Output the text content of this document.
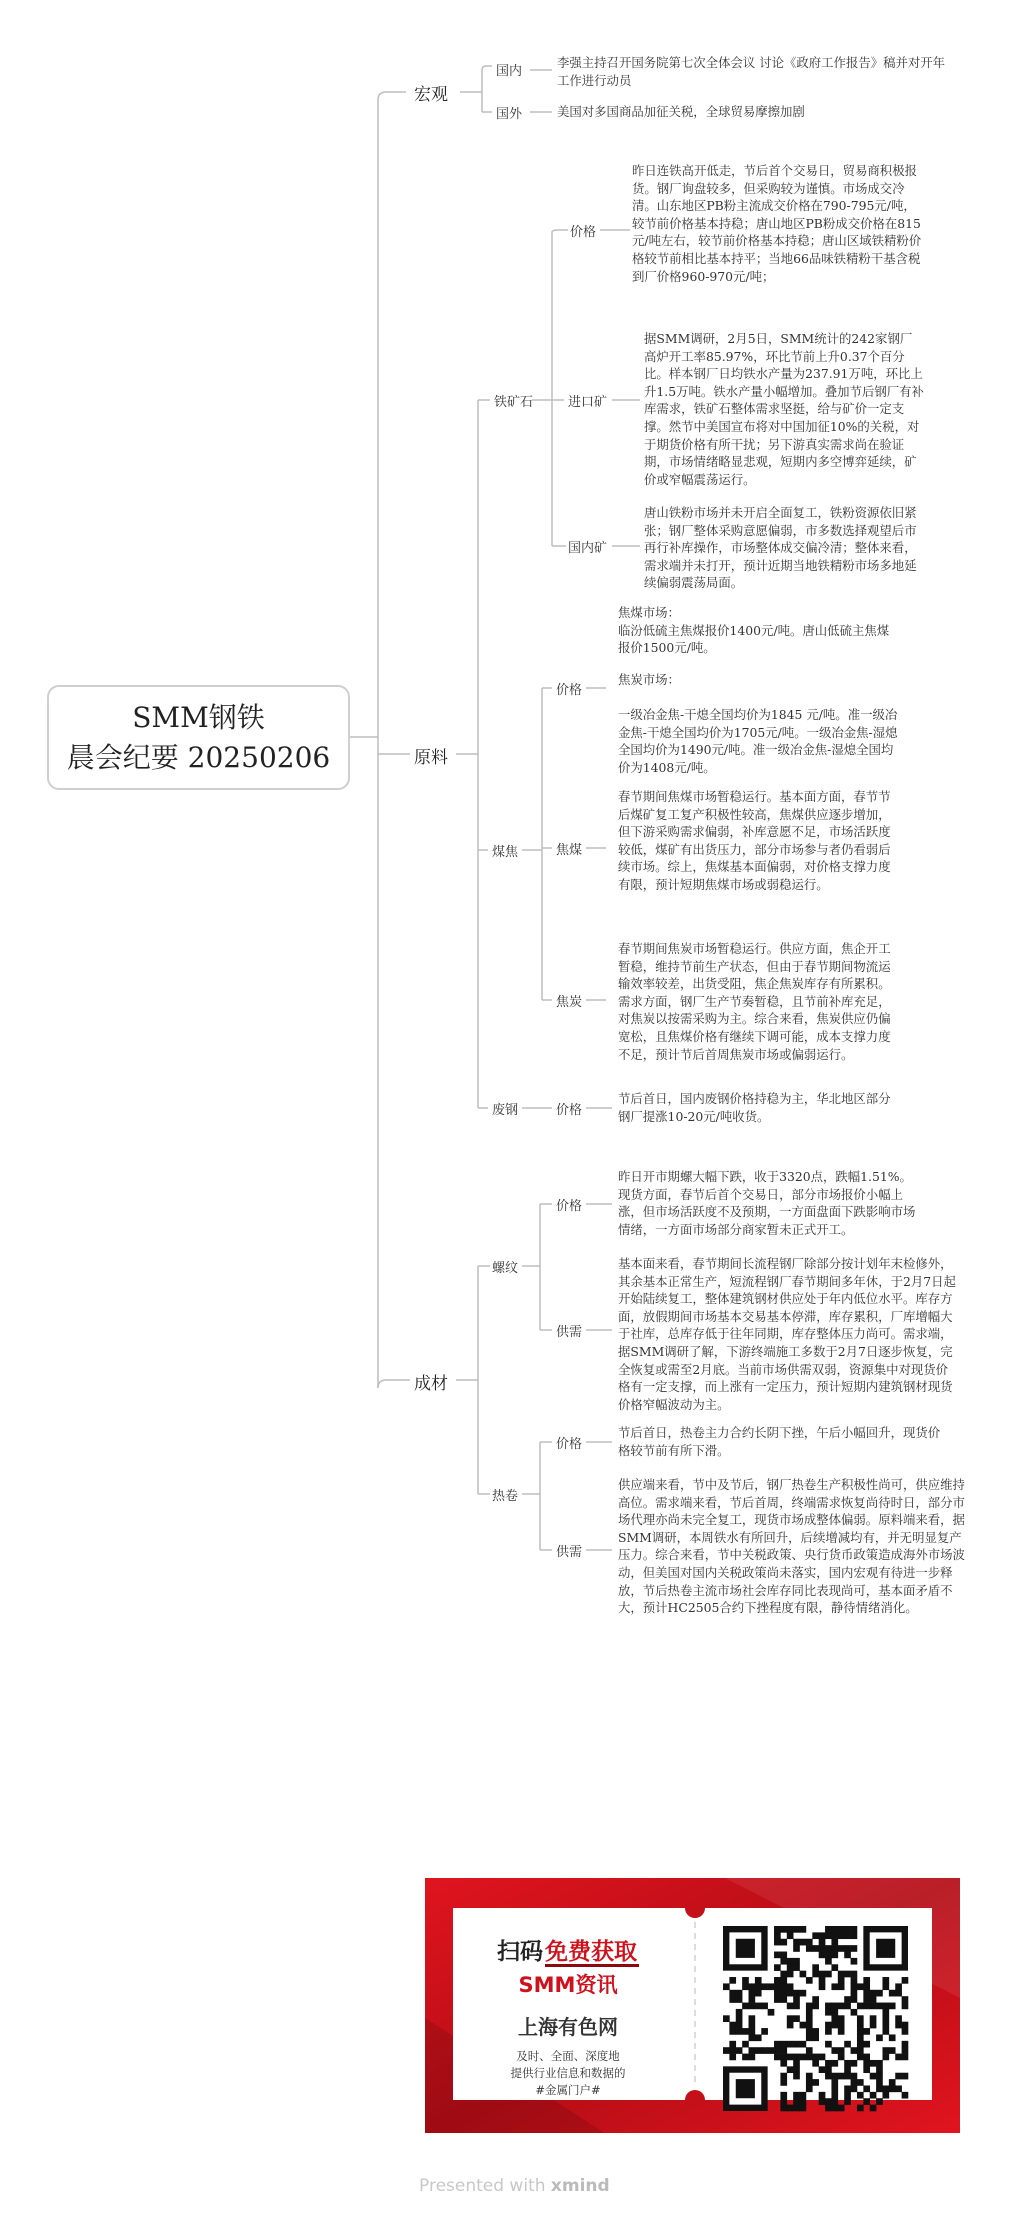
SMM钢铁
晨会纪要 20250206
宏观
国内
李强主持召开国务院第七次全体会议 讨论《政府工作报告》稿并对开年工作进行动员
国外	美国对多国商品加征关税，全球贸易摩擦加剧
原料
铁矿石
价格
昨日连铁高开低走，节后首个交易日，贸易商积极报货。钢厂询盘较多，但采购较为谨慎。市场成交冷清。山东地区PB粉主流成交价格在790-795元/吨，较节前价格基本持稳；唐山地区PB粉成交价格在815元/吨左右，较节前价格基本持稳；唐山区域铁精粉价格较节前相比基本持平；当地66品味铁精粉干基含税到厂价格960-970元/吨；
进口矿
据SMM调研，2月5日，SMM统计的242家钢厂高炉开工率85.97%，环比节前上升0.37个百分比。样本钢厂日均铁水产量为237.91万吨，环比上升1.5万吨。铁水产量小幅增加。叠加节后钢厂有补库需求，铁矿石整体需求坚挺，给与矿价一定支撑。然节中美国宣布将对中国加征10%的关税，对于期货价格有所干扰；另下游真实需求尚在验证期，市场情绪略显悲观，短期内多空博弈延续，矿价或窄幅震荡运行。
国内矿
唐山铁粉市场并未开启全面复工，铁粉资源依旧紧张；钢厂整体采购意愿偏弱，市多数选择观望后市再行补库操作，市场整体成交偏冷清；整体来看，需求端并未打开，预计近期当地铁精粉市场多地延续偏弱震荡局面。
煤焦
价格
焦煤市场：
临汾低硫主焦煤报价1400元/吨。唐山低硫主焦煤报价1500元/吨。
焦炭市场：

一级冶金焦-干熄全国均价为1845 元/吨。准一级冶金焦-干熄全国均价为1705元/吨。一级冶金焦-湿熄全国均价为1490元/吨。准一级冶金焦-湿熄全国均价为1408元/吨。
焦煤
春节期间焦煤市场暂稳运行。基本面方面，春节节后煤矿复工复产积极性较高，焦煤供应逐步增加，但下游采购需求偏弱，补库意愿不足，市场活跃度较低，煤矿有出货压力，部分市场参与者仍看弱后续市场。综上，焦煤基本面偏弱，对价格支撑力度有限，预计短期焦煤市场或弱稳运行。
焦炭
春节期间焦炭市场暂稳运行。供应方面，焦企开工暂稳，维持节前生产状态，但由于春节期间物流运输效率较差，出货受阻，焦企焦炭库存有所累积。需求方面，钢厂生产节奏暂稳，且节前补库充足，对焦炭以按需采购为主。综合来看，焦炭供应仍偏宽松，且焦煤价格有继续下调可能，成本支撑力度不足，预计节后首周焦炭市场或偏弱运行。
废钢	价格
节后首日，国内废钢价格持稳为主，华北地区部分钢厂提涨10-20元/吨收货。
成材
螺纹
价格
昨日开市期螺大幅下跌，收于3320点，跌幅1.51%。现货方面，春节后首个交易日，部分市场报价小幅上涨，但市场活跃度不及预期，一方面盘面下跌影响市场情绪，一方面市场部分商家暂未正式开工。
供需
基本面来看，春节期间长流程钢厂除部分按计划年末检修外，其余基本正常生产，短流程钢厂春节期间多年休，于2月7日起开始陆续复工，整体建筑钢材供应处于年内低位水平。库存方面，放假期间市场基本交易基本停滞，库存累积，厂库增幅大于社库，总库存低于往年同期，库存整体压力尚可。需求端，据SMM调研了解，下游终端施工多数于2月7日逐步恢复，完全恢复或需至2月底。当前市场供需双弱，资源集中对现货价格有一定支撑，而上涨有一定压力，预计短期内建筑钢材现货价格窄幅波动为主。
热卷
价格
节后首日，热卷主力合约长阴下挫，午后小幅回升，现货价格较节前有所下滑。
供需
供应端来看，节中及节后，钢厂热卷生产积极性尚可，供应维持高位。需求端来看，节后首周，终端需求恢复尚待时日，部分市场代理亦尚未完全复工，现货市场成整体偏弱。原料端来看，据SMM调研，本周铁水有所回升，后续增减均有，并无明显复产压力。综合来看，节中关税政策、央行货币政策造成海外市场波动，但美国对国内关税政策尚未落实，国内宏观有待进一步释放，节后热卷主流市场社会库存同比表现尚可，基本面矛盾不大，预计HC2505合约下挫程度有限，静待情绪消化。
扫码 免费获取
SMM资讯
上海有色网
及时、全面、深度地
提供行业信息和数据的
#金属门户#
Presented with xmind
